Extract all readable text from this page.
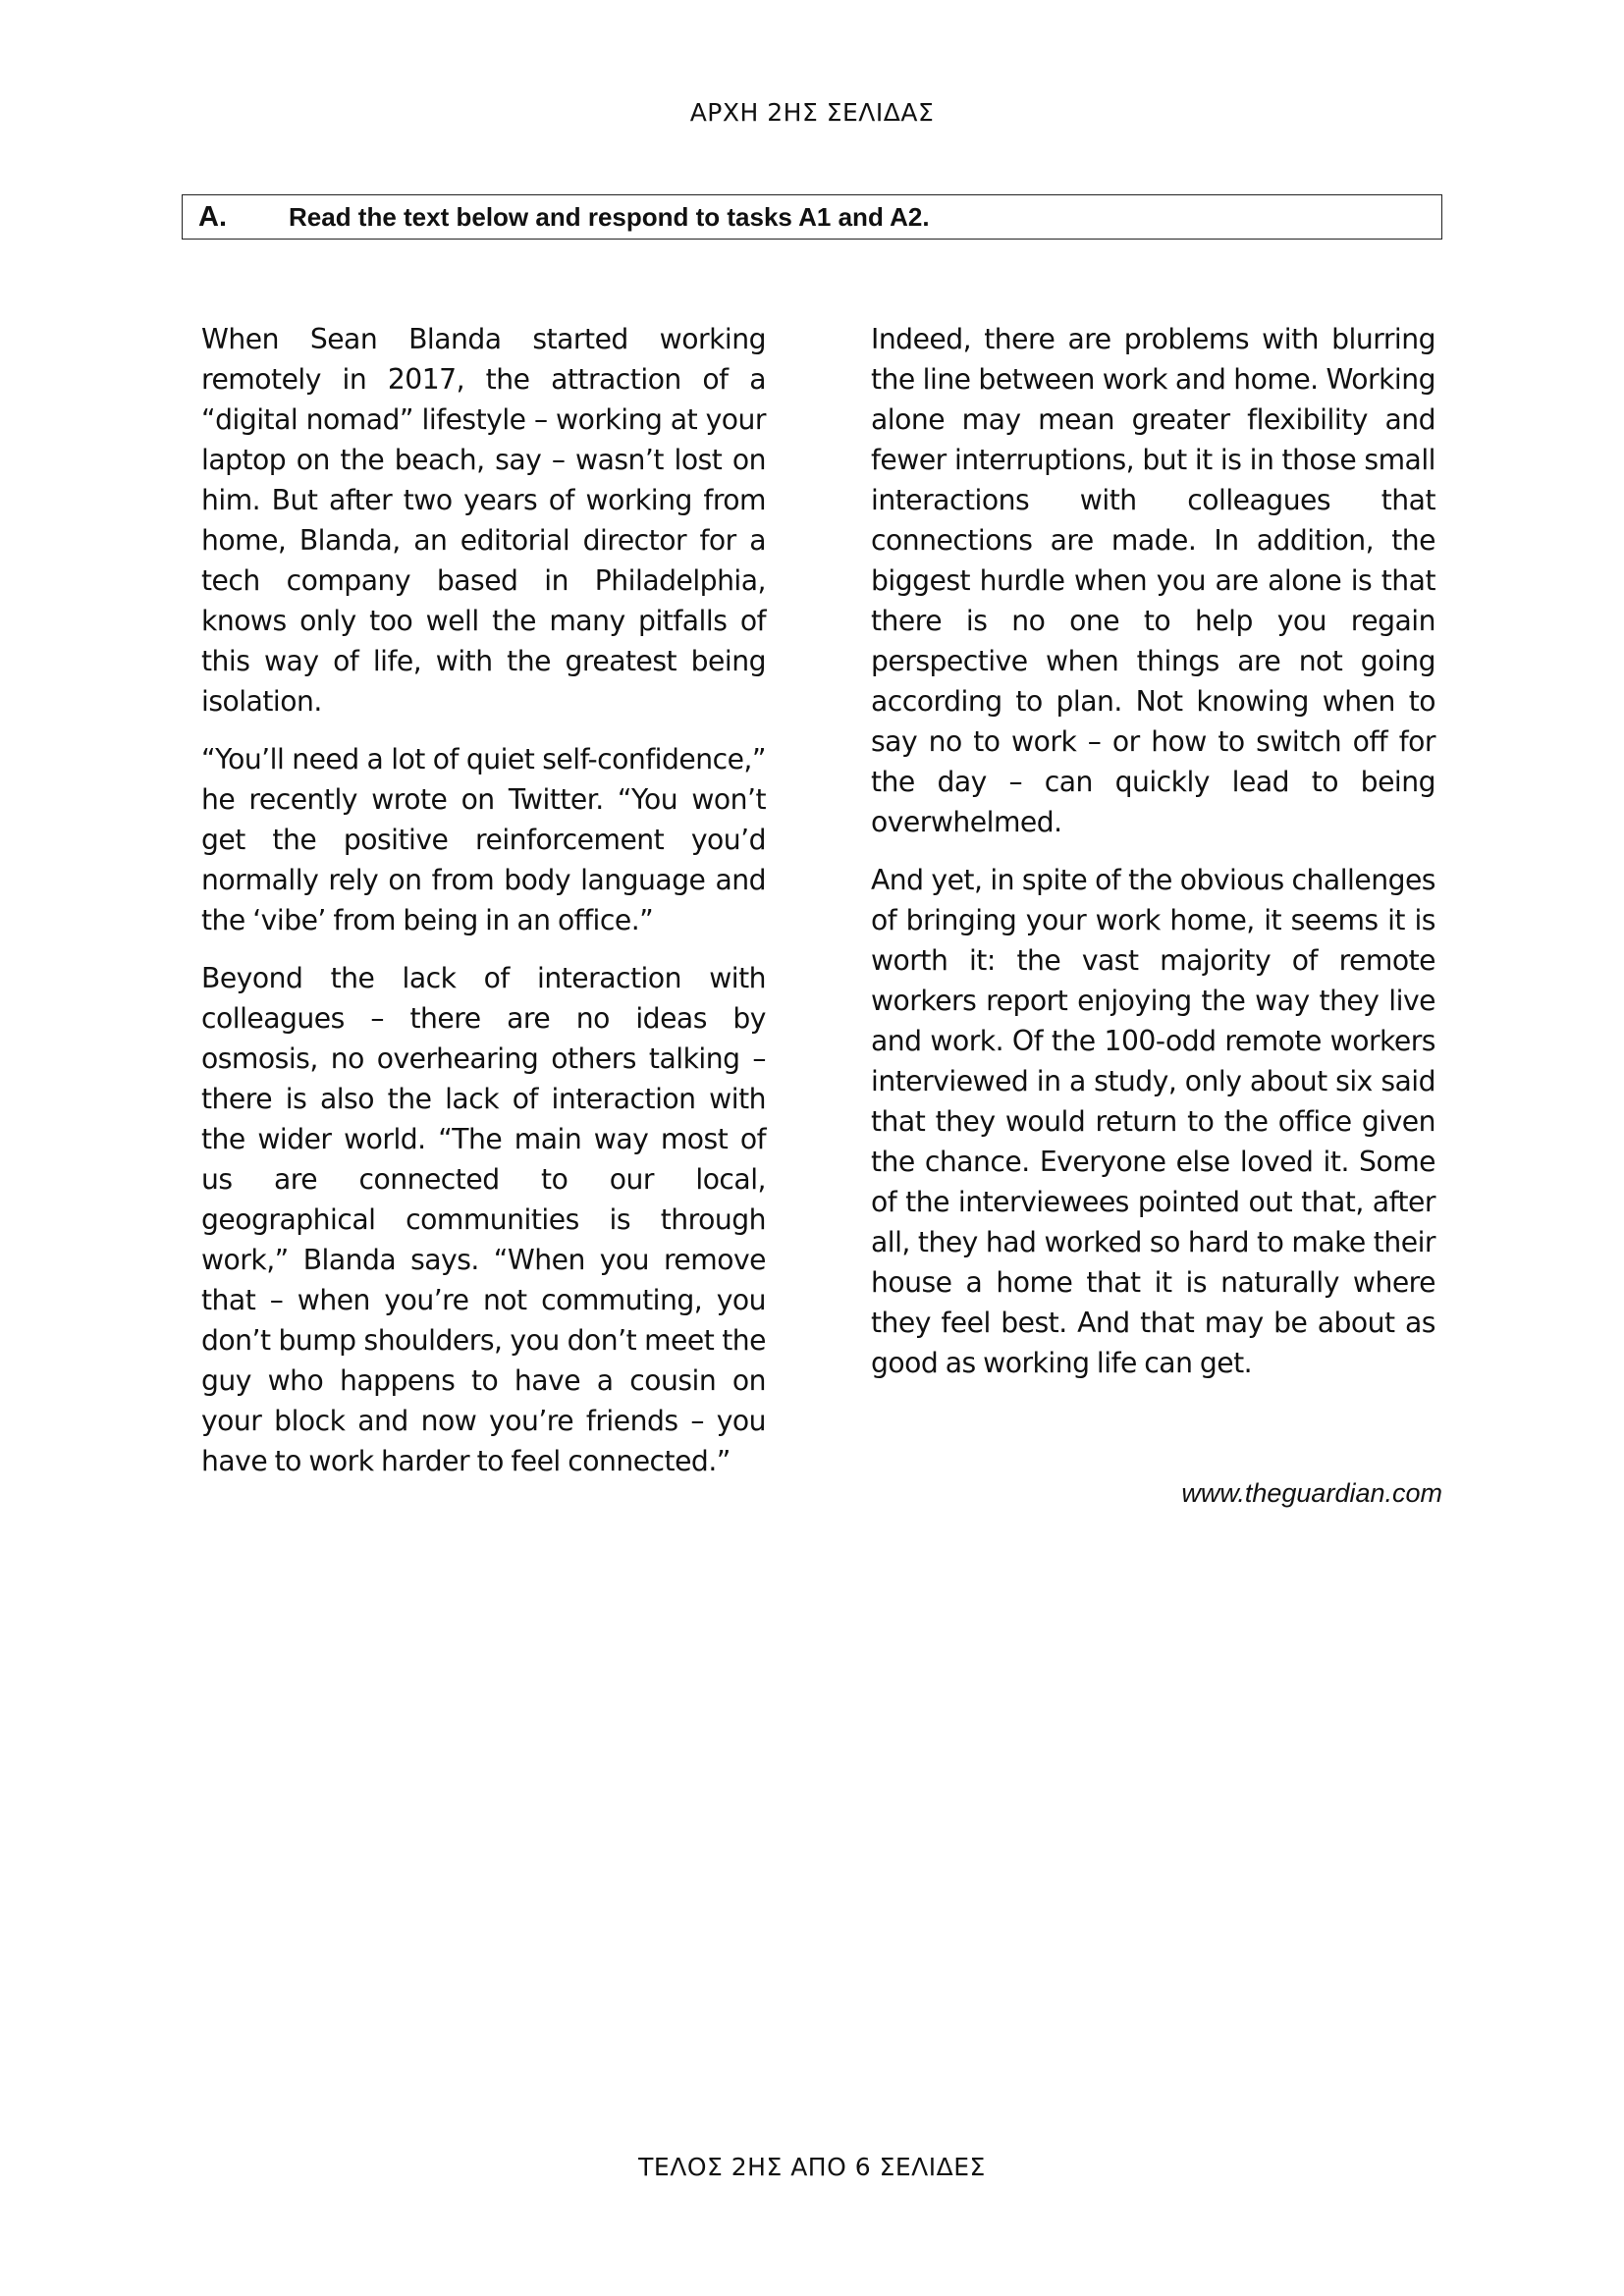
ΑΡΧΗ 2ΗΣ ΣΕΛΙΔΑΣ
A. Read the text below and respond to tasks A1 and A2.

When Sean Blanda started working remotely in 2017, the attraction of a “digital nomad” lifestyle – working at your laptop on the beach, say – wasn’t lost on him. But after two years of working from home, Blanda, an editorial director for a tech company based in Philadelphia, knows only too well the many pitfalls of this way of life, with the greatest being isolation.

“You’ll need a lot of quiet self-confidence,” he recently wrote on Twitter. “You won’t get the positive reinforcement you’d normally rely on from body language and the ‘vibe’ from being in an office.”

Beyond the lack of interaction with colleagues – there are no ideas by osmosis, no overhearing others talking – there is also the lack of interaction with the wider world. “The main way most of us are connected to our local, geographical communities is through work,” Blanda says. “When you remove that – when you’re not commuting, you don’t bump shoulders, you don’t meet the guy who happens to have a cousin on your block and now you’re friends – you have to work harder to feel connected.”

Indeed, there are problems with blurring the line between work and home. Working alone may mean greater flexibility and fewer interruptions, but it is in those small interactions with colleagues that connections are made. In addition, the biggest hurdle when you are alone is that there is no one to help you regain perspective when things are not going according to plan. Not knowing when to say no to work – or how to switch off for the day – can quickly lead to being overwhelmed.

And yet, in spite of the obvious challenges of bringing your work home, it seems it is worth it: the vast majority of remote workers report enjoying the way they live and work. Of the 100-odd remote workers interviewed in a study, only about six said that they would return to the office given the chance. Everyone else loved it. Some of the interviewees pointed out that, after all, they had worked so hard to make their house a home that it is naturally where they feel best. And that may be about as good as working life can get.

www.theguardian.com
ΤΕΛΟΣ 2ΗΣ ΑΠΟ 6 ΣΕΛΙΔΕΣ
